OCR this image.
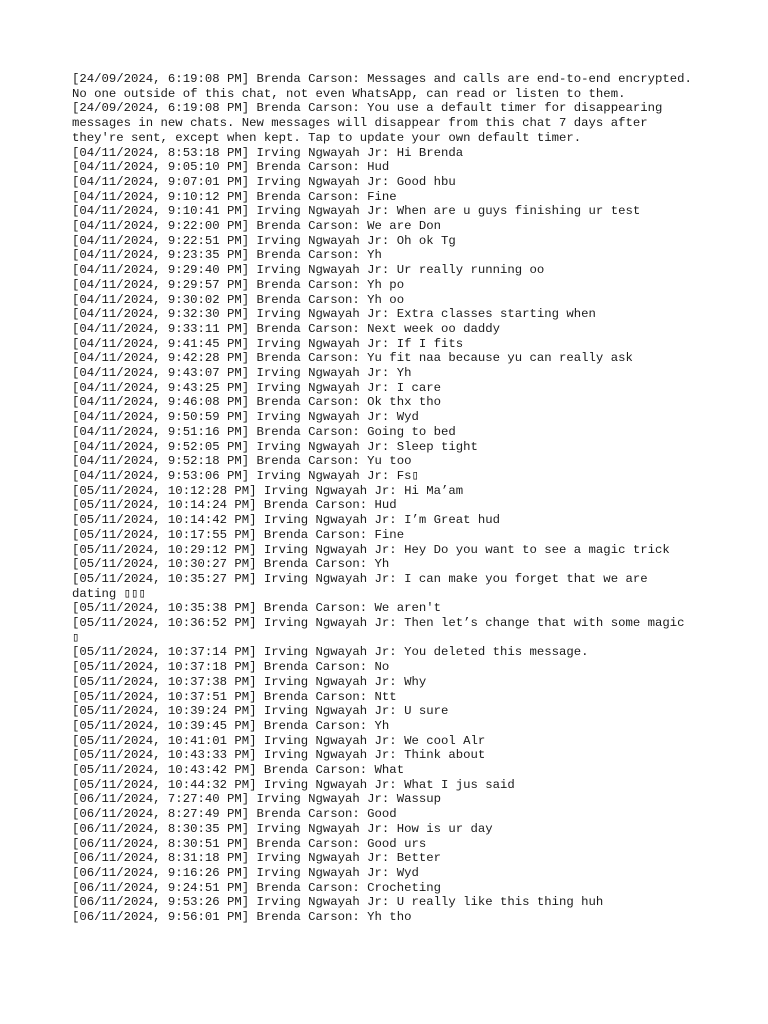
[24/09/2024, 6:19:08 PM] Brenda Carson: Messages and calls are end-to-end encrypted. No one outside of this chat, not even WhatsApp, can read or listen to them.
[24/09/2024, 6:19:08 PM] Brenda Carson: You use a default timer for disappearing messages in new chats. New messages will disappear from this chat 7 days after they're sent, except when kept. Tap to update your own default timer.
[04/11/2024, 8:53:18 PM] Irving Ngwayah Jr: Hi Brenda
[04/11/2024, 9:05:10 PM] Brenda Carson: Hud
[04/11/2024, 9:07:01 PM] Irving Ngwayah Jr: Good hbu
[04/11/2024, 9:10:12 PM] Brenda Carson: Fine
[04/11/2024, 9:10:41 PM] Irving Ngwayah Jr: When are u guys finishing ur test
[04/11/2024, 9:22:00 PM] Brenda Carson: We are Don
[04/11/2024, 9:22:51 PM] Irving Ngwayah Jr: Oh ok Tg
[04/11/2024, 9:23:35 PM] Brenda Carson: Yh
[04/11/2024, 9:29:40 PM] Irving Ngwayah Jr: Ur really running oo
[04/11/2024, 9:29:57 PM] Brenda Carson: Yh po
[04/11/2024, 9:30:02 PM] Brenda Carson: Yh oo
[04/11/2024, 9:32:30 PM] Irving Ngwayah Jr: Extra classes starting when
[04/11/2024, 9:33:11 PM] Brenda Carson: Next week oo daddy
[04/11/2024, 9:41:45 PM] Irving Ngwayah Jr: If I fits
[04/11/2024, 9:42:28 PM] Brenda Carson: Yu fit naa because yu can really ask
[04/11/2024, 9:43:07 PM] Irving Ngwayah Jr: Yh
[04/11/2024, 9:43:25 PM] Irving Ngwayah Jr: I care
[04/11/2024, 9:46:08 PM] Brenda Carson: Ok thx tho
[04/11/2024, 9:50:59 PM] Irving Ngwayah Jr: Wyd
[04/11/2024, 9:51:16 PM] Brenda Carson: Going to bed
[04/11/2024, 9:52:05 PM] Irving Ngwayah Jr: Sleep tight
[04/11/2024, 9:52:18 PM] Brenda Carson: Yu too
[04/11/2024, 9:53:06 PM] Irving Ngwayah Jr: Fs▯
[05/11/2024, 10:12:28 PM] Irving Ngwayah Jr: Hi Ma’am
[05/11/2024, 10:14:24 PM] Brenda Carson: Hud
[05/11/2024, 10:14:42 PM] Irving Ngwayah Jr: I’m Great hud
[05/11/2024, 10:17:55 PM] Brenda Carson: Fine
[05/11/2024, 10:29:12 PM] Irving Ngwayah Jr: Hey Do you want to see a magic trick
[05/11/2024, 10:30:27 PM] Brenda Carson: Yh
[05/11/2024, 10:35:27 PM] Irving Ngwayah Jr: I can make you forget that we are dating ▯▯▯
[05/11/2024, 10:35:38 PM] Brenda Carson: We aren't
[05/11/2024, 10:36:52 PM] Irving Ngwayah Jr: Then let’s change that with some magic ▯
[05/11/2024, 10:37:14 PM] Irving Ngwayah Jr: You deleted this message.
[05/11/2024, 10:37:18 PM] Brenda Carson: No
[05/11/2024, 10:37:38 PM] Irving Ngwayah Jr: Why
[05/11/2024, 10:37:51 PM] Brenda Carson: Ntt
[05/11/2024, 10:39:24 PM] Irving Ngwayah Jr: U sure
[05/11/2024, 10:39:45 PM] Brenda Carson: Yh
[05/11/2024, 10:41:01 PM] Irving Ngwayah Jr: We cool Alr
[05/11/2024, 10:43:33 PM] Irving Ngwayah Jr: Think about
[05/11/2024, 10:43:42 PM] Brenda Carson: What
[05/11/2024, 10:44:32 PM] Irving Ngwayah Jr: What I jus said
[06/11/2024, 7:27:40 PM] Irving Ngwayah Jr: Wassup
[06/11/2024, 8:27:49 PM] Brenda Carson: Good
[06/11/2024, 8:30:35 PM] Irving Ngwayah Jr: How is ur day
[06/11/2024, 8:30:51 PM] Brenda Carson: Good urs
[06/11/2024, 8:31:18 PM] Irving Ngwayah Jr: Better
[06/11/2024, 9:16:26 PM] Irving Ngwayah Jr: Wyd
[06/11/2024, 9:24:51 PM] Brenda Carson: Crocheting
[06/11/2024, 9:53:26 PM] Irving Ngwayah Jr: U really like this thing huh
[06/11/2024, 9:56:01 PM] Brenda Carson: Yh tho
